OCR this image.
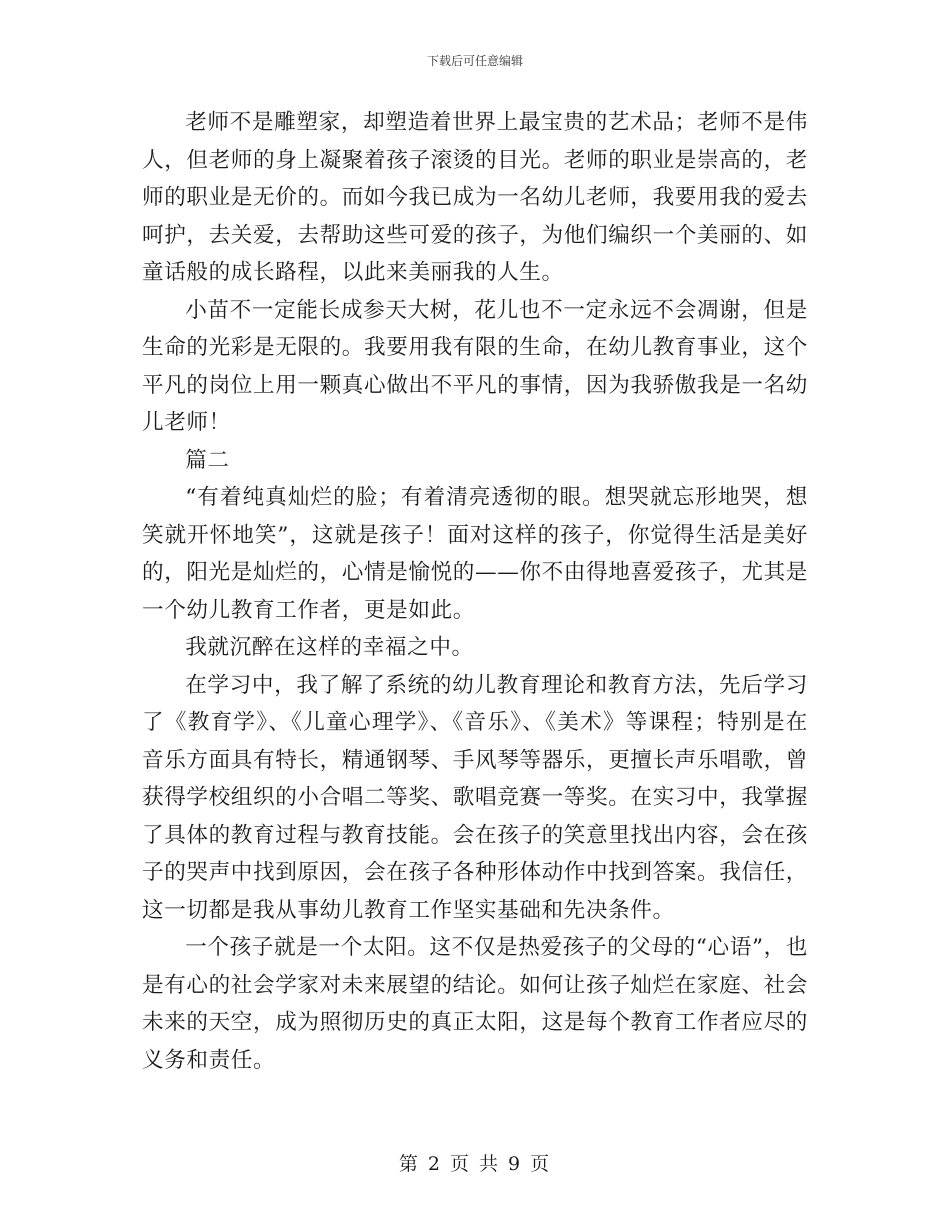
下载后可任意编辑

老师不是雕塑家，却塑造着世界上最宝贵的艺术品；老师不是伟人，但老师的身上凝聚着孩子滚烫的目光。老师的职业是崇高的，老师的职业是无价的。而如今我已成为一名幼儿老师，我要用我的爱去呵护，去关爱，去帮助这些可爱的孩子，为他们编织一个美丽的、如童话般的成长路程，以此来美丽我的人生。

小苗不一定能长成参天大树，花儿也不一定永远不会凋谢，但是生命的光彩是无限的。我要用我有限的生命，在幼儿教育事业，这个平凡的岗位上用一颗真心做出不平凡的事情，因为我骄傲我是一名幼儿老师！

篇二

“有着纯真灿烂的脸；有着清亮透彻的眼。想哭就忘形地哭，想笑就开怀地笑”，这就是孩子！面对这样的孩子，你觉得生活是美好的，阳光是灿烂的，心情是愉悦的——你不由得地喜爱孩子，尤其是一个幼儿教育工作者，更是如此。

我就沉醉在这样的幸福之中。

在学习中，我了解了系统的幼儿教育理论和教育方法，先后学习了《教育学》、《儿童心理学》、《音乐》、《美术》等课程；特别是在音乐方面具有特长，精通钢琴、手风琴等器乐，更擅长声乐唱歌，曾获得学校组织的小合唱二等奖、歌唱竞赛一等奖。在实习中，我掌握了具体的教育过程与教育技能。会在孩子的笑意里找出内容，会在孩子的哭声中找到原因，会在孩子各种形体动作中找到答案。我信任，这一切都是我从事幼儿教育工作坚实基础和先决条件。

一个孩子就是一个太阳。这不仅是热爱孩子的父母的“心语”，也是有心的社会学家对未来展望的结论。如何让孩子灿烂在家庭、社会未来的天空，成为照彻历史的真正太阳，这是每个教育工作者应尽的义务和责任。

第 2 页 共 9 页
